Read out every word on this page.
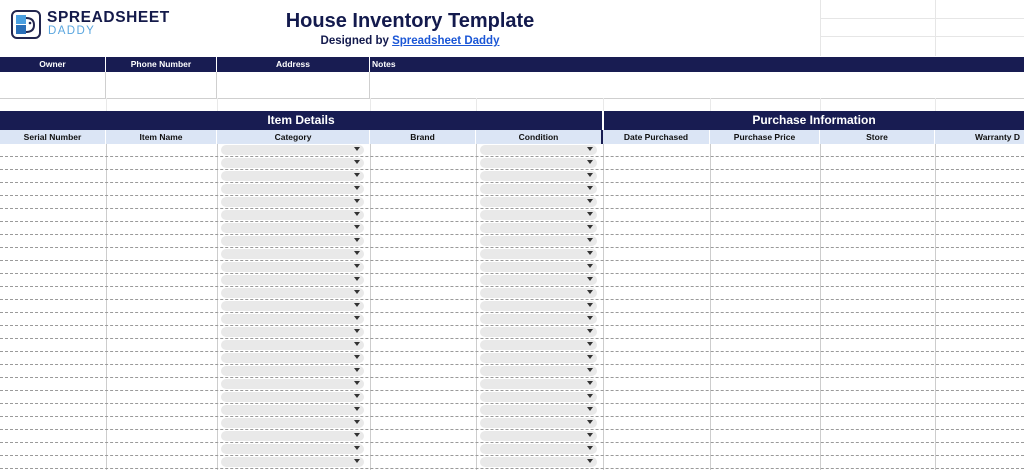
SPREADSHEET
DADDY	House Inventory Template
Designed by Spreadsheet Daddy
Owner	Phone Number	Address	Notes
Item Details	Purchase Information
Serial Number	Item Name	Category	Brand	Condition	Date Purchased	Purchase Price	Store	Warranty D
